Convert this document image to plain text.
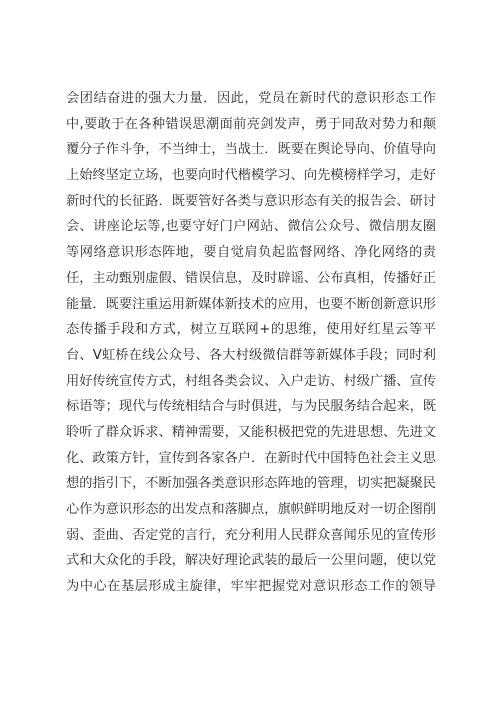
会团结奋进的强大力量．因此，党员在新时代的意识形态工作
中,要敢于在各种错误思潮面前亮剑发声，勇于同敌对势力和颠
覆分子作斗争，不当绅士，当战士．既要在舆论导向、价值导向
上始终坚定立场，也要向时代楷模学习、向先模榜样学习，走好
新时代的长征路．既要管好各类与意识形态有关的报告会、研讨
会、讲座论坛等,也要守好门户网站、微信公众号、微信朋友圈
等网络意识形态阵地，要自觉肩负起监督网络、净化网络的责
任，主动甄别虚假、错误信息，及时辟谣、公布真相，传播好正
能量．既要注重运用新媒体新技术的应用，也要不断创新意识形
态传播手段和方式，树立互联网+的思维，使用好红星云等平
台、V虹桥在线公众号、各大村级微信群等新媒体手段；同时利
用好传统宣传方式，村组各类会议、入户走访、村级广播、宣传
标语等；现代与传统相结合与时俱进，与为民服务结合起来，既
聆听了群众诉求、精神需要，又能积极把党的先进思想、先进文
化、政策方针，宣传到各家各户．在新时代中国特色社会主义思
想的指引下，不断加强各类意识形态阵地的管理，切实把凝聚民
心作为意识形态的出发点和落脚点，旗帜鲜明地反对一切企图削
弱、歪曲、否定党的言行，充分利用人民群众喜闻乐见的宣传形
式和大众化的手段，解决好理论武装的最后一公里问题，使以党
为中心在基层形成主旋律，牢牢把握党对意识形态工作的领导
